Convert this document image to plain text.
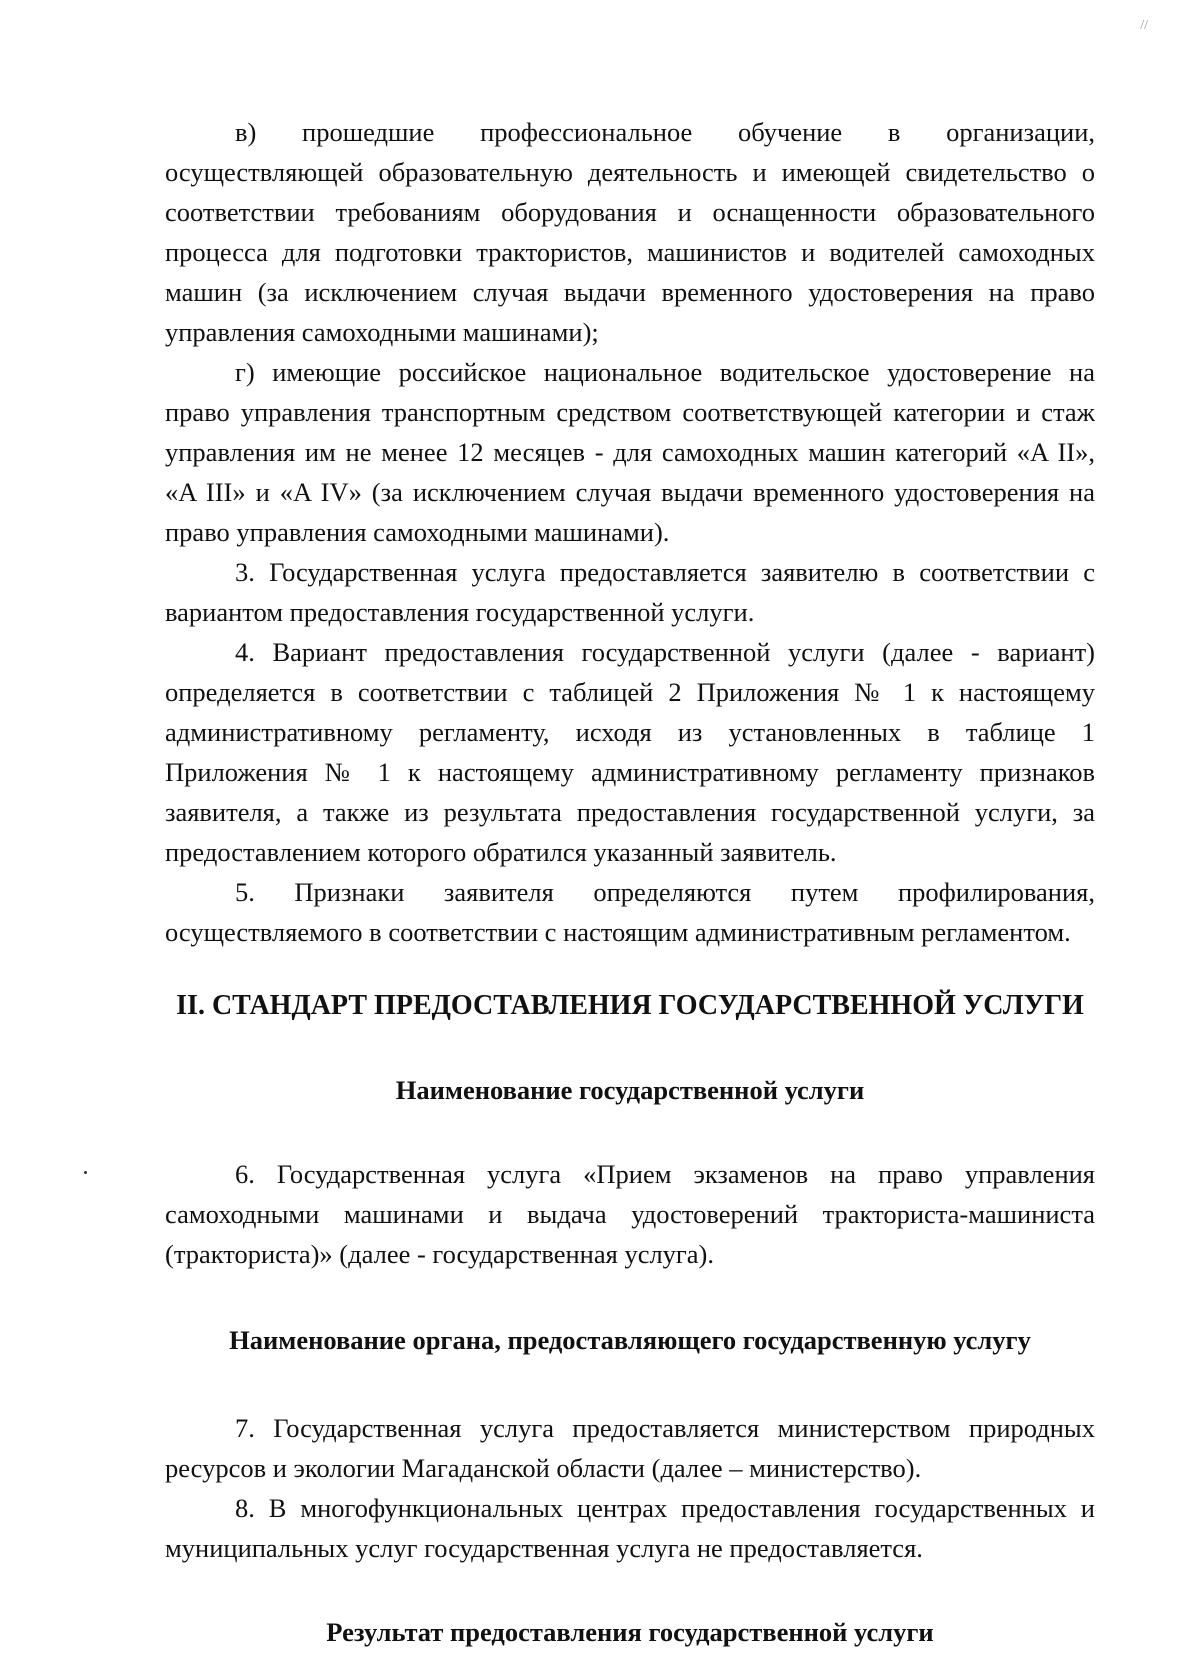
//

в) прошедшие профессиональное обучение в организации, осуществляющей образовательную деятельность и имеющей свидетельство о соответствии требованиям оборудования и оснащенности образовательного процесса для подготовки трактористов, машинистов и водителей самоходных машин (за исключением случая выдачи временного удостоверения на право управления самоходными машинами);

г) имеющие российское национальное водительское удостоверение на право управления транспортным средством соответствующей категории и стаж управления им не менее 12 месяцев - для самоходных машин категорий «A II», «A III» и «A IV» (за исключением случая выдачи временного удостоверения на право управления самоходными машинами).

3. Государственная услуга предоставляется заявителю в соответствии с вариантом предоставления государственной услуги.

4. Вариант предоставления государственной услуги (далее - вариант) определяется в соответствии с таблицей 2 Приложения № 1 к настоящему административному регламенту, исходя из установленных в таблице 1 Приложения № 1 к настоящему административному регламенту признаков заявителя, а также из результата предоставления государственной услуги, за предоставлением которого обратился указанный заявитель.

5. Признаки заявителя определяются путем профилирования, осуществляемого в соответствии с настоящим административным регламентом.

II. СТАНДАРТ ПРЕДОСТАВЛЕНИЯ ГОСУДАРСТВЕННОЙ УСЛУГИ
Наименование государственной услуги

6. Государственная услуга «Прием экзаменов на право управления самоходными машинами и выдача удостоверений тракториста-машиниста (тракториста)» (далее - государственная услуга).

Наименование органа, предоставляющего государственную услугу

7. Государственная услуга предоставляется министерством природных ресурсов и экологии Магаданской области (далее – министерство).

8. В многофункциональных центрах предоставления государственных и муниципальных услуг государственная услуга не предоставляется.

Результат предоставления государственной услуги
